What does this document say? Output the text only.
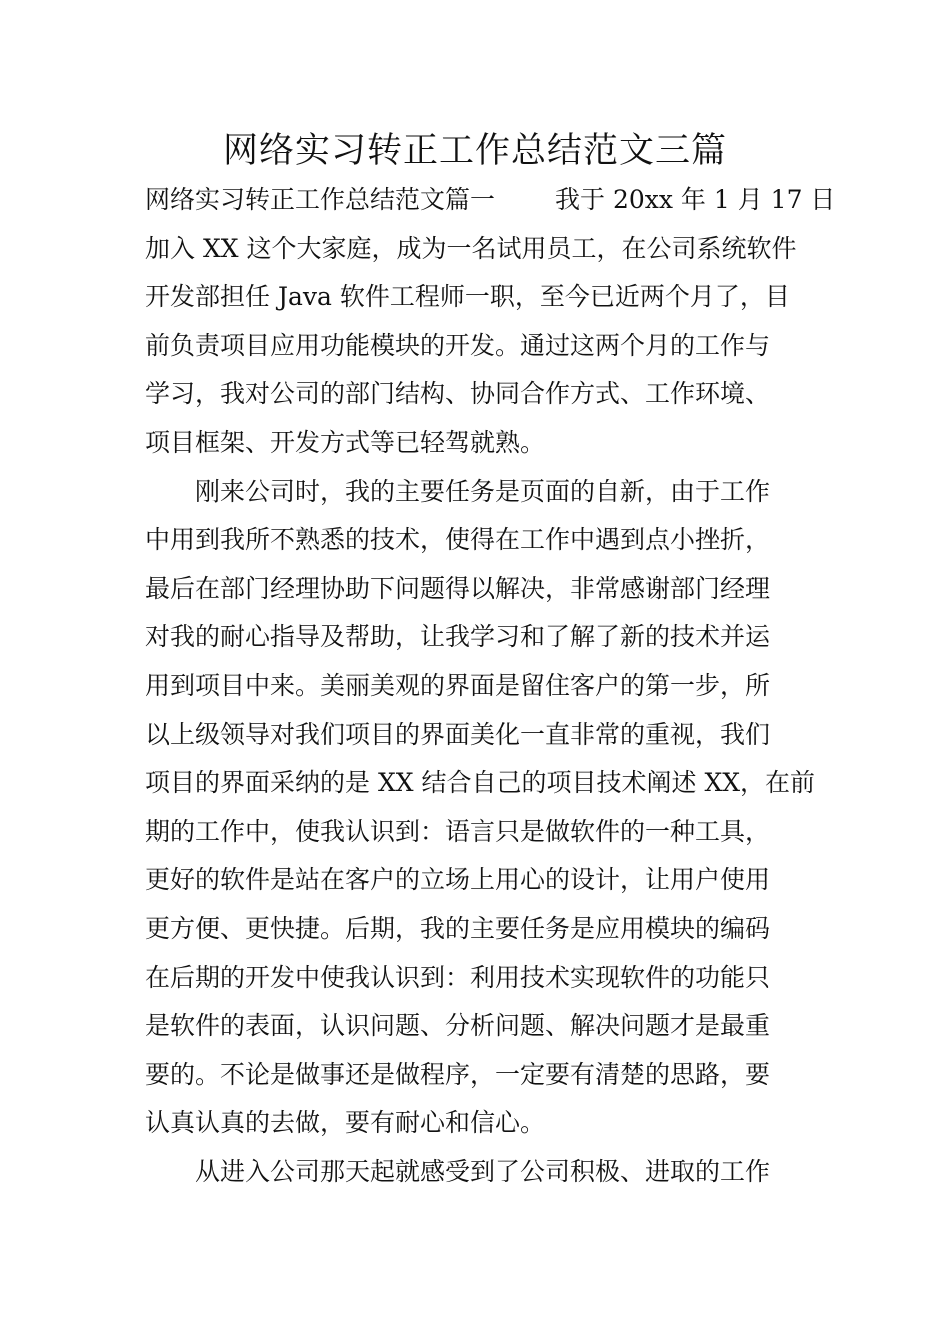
网络实习转正工作总结范文三篇
网络实习转正工作总结范文篇一 我于 20xx 年 1 月 17 日
加入 XX 这个大家庭，成为一名试用员工，在公司系统软件
开发部担任 Java 软件工程师一职，至今已近两个月了，目
前负责项目应用功能模块的开发。通过这两个月的工作与
学习，我对公司的部门结构、协同合作方式、工作环境、
项目框架、开发方式等已轻驾就熟。
　　刚来公司时，我的主要任务是页面的自新，由于工作
中用到我所不熟悉的技术，使得在工作中遇到点小挫折，
最后在部门经理协助下问题得以解决，非常感谢部门经理
对我的耐心指导及帮助，让我学习和了解了新的技术并运
用到项目中来。美丽美观的界面是留住客户的第一步，所
以上级领导对我们项目的界面美化一直非常的重视，我们
项目的界面采纳的是 XX 结合自己的项目技术阐述 XX，在前
期的工作中，使我认识到：语言只是做软件的一种工具，
更好的软件是站在客户的立场上用心的设计，让用户使用
更方便、更快捷。后期，我的主要任务是应用模块的编码
在后期的开发中使我认识到：利用技术实现软件的功能只
是软件的表面，认识问题、分析问题、解决问题才是最重
要的。不论是做事还是做程序，一定要有清楚的思路，要
认真认真的去做，要有耐心和信心。
　　从进入公司那天起就感受到了公司积极、进取的工作
